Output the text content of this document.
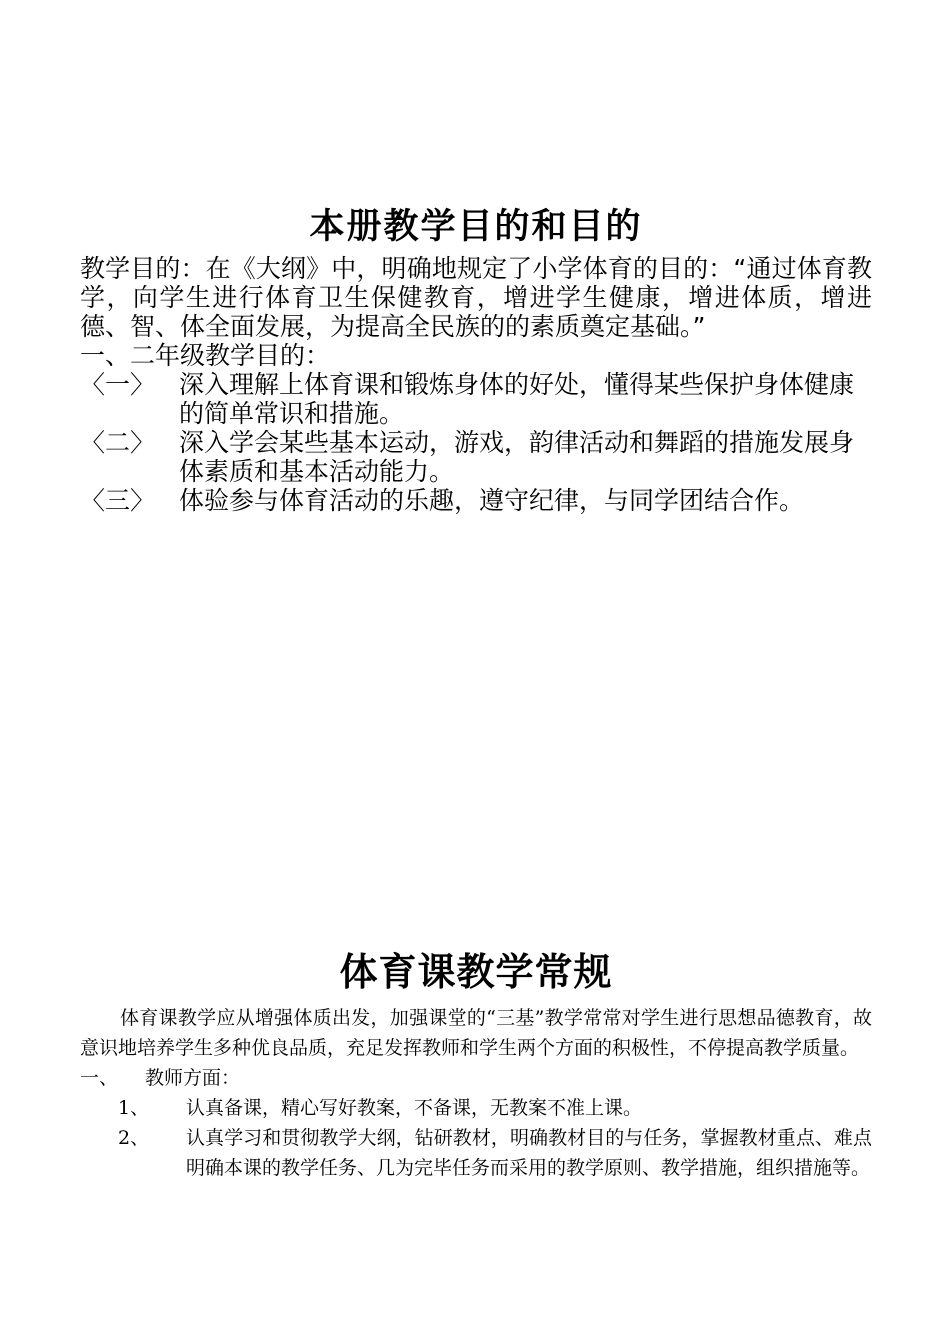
本册教学目的和目的

教学目的：在《大纲》中，明确地规定了小学体育的目的：“通过体育教学，向学生进行体育卫生保健教育，增进学生健康，增进体质，增进德、智、体全面发展，为提高全民族的的素质奠定基础。”

一、二年级教学目的：

〈一〉 深入理解上体育课和锻炼身体的好处，懂得某些保护身体健康的简单常识和措施。
〈二〉 深入学会某些基本运动，游戏，韵律活动和舞蹈的措施发展身体素质和基本活动能力。
〈三〉 体验参与体育活动的乐趣，遵守纪律，与同学团结合作。
体育课教学常规

体育课教学应从增强体质出发，加强课堂的“三基”教学常常对学生进行思想品德教育，故意识地培养学生多种优良品质，充足发挥教师和学生两个方面的积极性，不停提高教学质量。

一、	教师方面：
1、	认真备课，精心写好教案，不备课，无教案不准上课。
2、	认真学习和贯彻教学大纲，钻研教材，明确教材目的与任务，掌握教材重点、难点明确本课的教学任务、几为完毕任务而采用的教学原则、教学措施，组织措施等。
